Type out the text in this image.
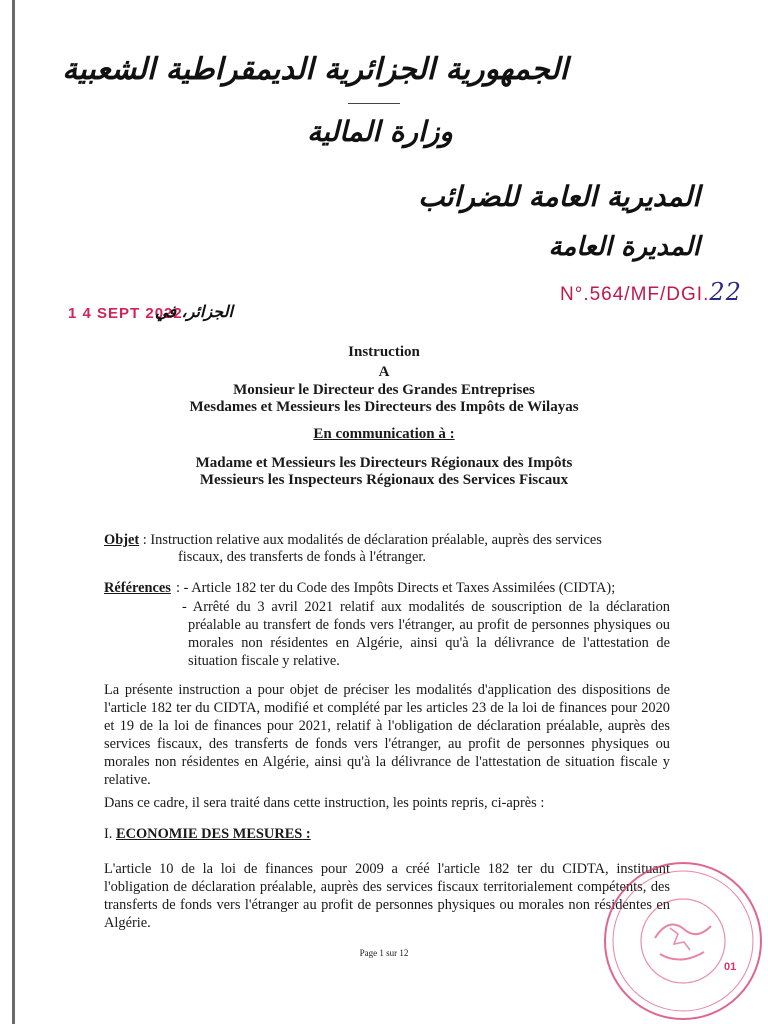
الجمهورية الجزائرية الديمقراطية الشعبية
وزارة المالية
المديرية العامة للضرائب
المديرة العامة
N°.564/MF/DGI.22
1 4 SEPT 2022
الجزائر، في
Instruction
A
Monsieur le Directeur des Grandes Entreprises
Mesdames et Messieurs les Directeurs des Impôts de Wilayas
En communication à :
Madame et Messieurs les Directeurs Régionaux des Impôts
Messieurs les Inspecteurs Régionaux des Services Fiscaux
Objet : Instruction relative aux modalités de déclaration préalable, auprès des services
fiscaux, des transferts de fonds à l'étranger.
Références : - Article 182 ter du Code des Impôts Directs et Taxes Assimilées (CIDTA);
- Arrêté du 3 avril 2021 relatif aux modalités de souscription de la déclaration préalable au transfert de fonds vers l'étranger, au profit de personnes physiques ou morales non résidentes en Algérie, ainsi qu'à la délivrance de l'attestation de situation fiscale y relative.
La présente instruction a pour objet de préciser les modalités d'application des dispositions de l'article 182 ter du CIDTA, modifié et complété par les articles 23 de la loi de finances pour 2020 et 19 de la loi de finances pour 2021, relatif à l'obligation de déclaration préalable, auprès des services fiscaux, des transferts de fonds vers l'étranger, au profit de personnes physiques ou morales non résidentes en Algérie, ainsi qu'à la délivrance de l'attestation de situation fiscale y relative.
Dans ce cadre, il sera traité dans cette instruction, les points repris, ci-après :
I. ECONOMIE DES MESURES :
L'article 10 de la loi de finances pour 2009 a créé l'article 182 ter du CIDTA, instituant l'obligation de déclaration préalable, auprès des services fiscaux territorialement compétents, des transferts de fonds vers l'étranger au profit de personnes physiques ou morales non résidentes en Algérie.
Page 1 sur 12
01
